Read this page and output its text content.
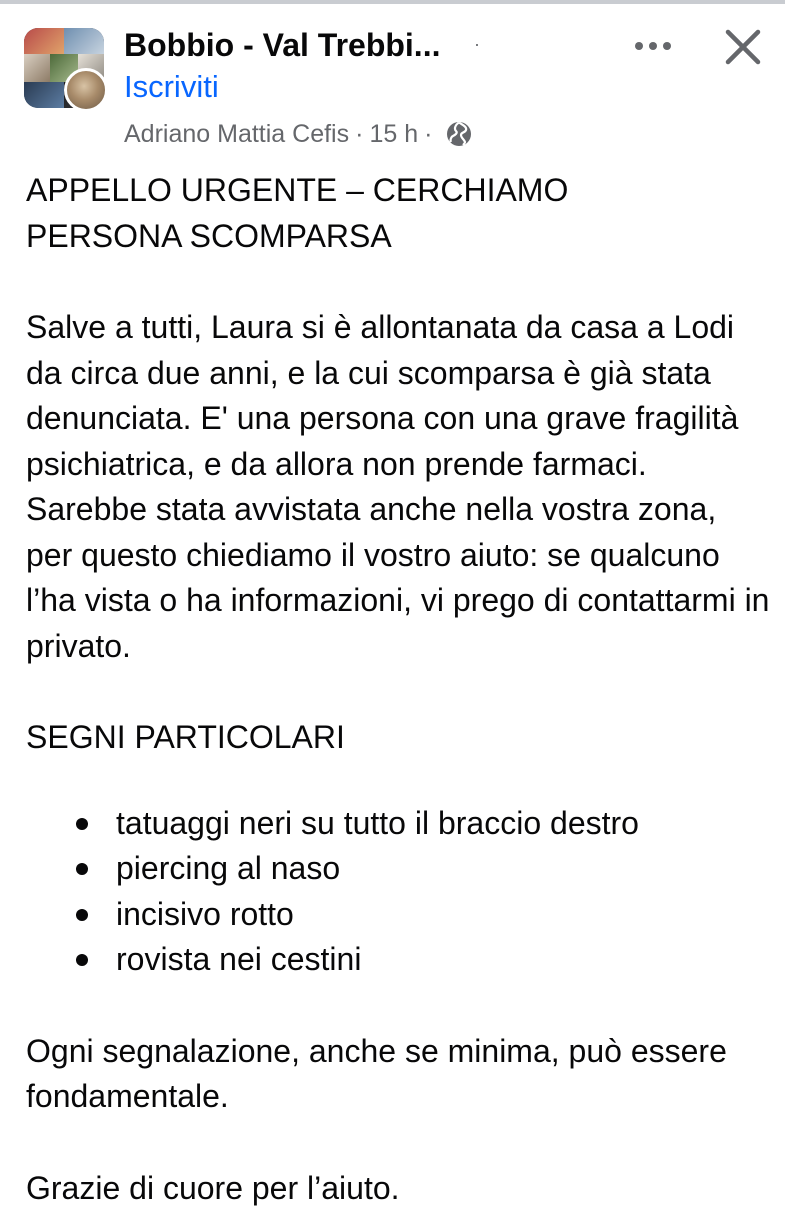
Bobbio - Val Trebbi... ·
Iscriviti
Adriano Mattia Cefis · 15 h ·

APPELLO URGENTE – CERCHIAMO
PERSONA SCOMPARSA

Salve a tutti, Laura si è allontanata da casa a Lodi da circa due anni, e la cui scomparsa è già stata denunciata. E' una persona con una grave fragilità psichiatrica, e da allora non prende farmaci. Sarebbe stata avvistata anche nella vostra zona, per questo chiediamo il vostro aiuto: se qualcuno l’ha vista o ha informazioni, vi prego di contattarmi in privato.

SEGNI PARTICOLARI

tatuaggi neri su tutto il braccio destro
piercing al naso
incisivo rotto
rovista nei cestini

Ogni segnalazione, anche se minima, può essere fondamentale.

Grazie di cuore per l’aiuto.
